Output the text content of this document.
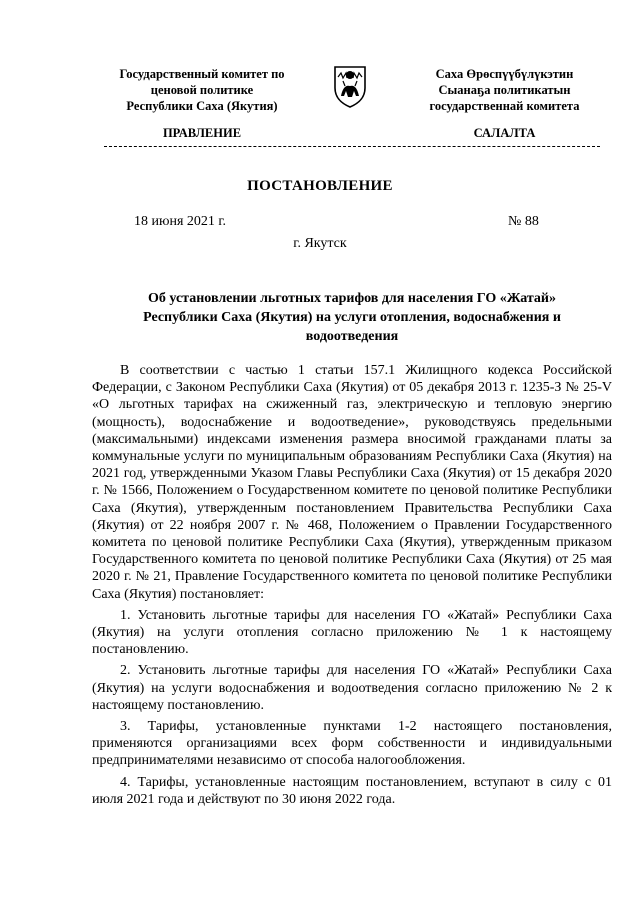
Государственный комитет по
ценовой политике
Республики Саха (Якутия)
Саха Өрөспүүбүлүкэтин
Сыанаҕа политикатын
государственнай комитета
ПРАВЛЕНИЕ	САЛАЛТА
ПОСТАНОВЛЕНИЕ
18 июня 2021 г.	№ 88
г. Якутск
Об установлении льготных тарифов для населения ГО «Жатай»
Республики Саха (Якутия) на услуги отопления, водоснабжения и
водоотведения

В соответствии с частью 1 статьи 157.1 Жилищного кодекса Российской Федерации, с Законом Республики Саха (Якутия) от 05 декабря 2013 г. 1235-З № 25-V «О льготных тарифах на сжиженный газ, электрическую и тепловую энергию (мощность), водоснабжение и водоотведение», руководствуясь предельными (максимальными) индексами изменения размера вносимой гражданами платы за коммунальные услуги по муниципальным образованиям Республики Саха (Якутия) на 2021 год, утвержденными Указом Главы Республики Саха (Якутия) от 15 декабря 2020 г. № 1566, Положением о Государственном комитете по ценовой политике Республики Саха (Якутия), утвержденным постановлением Правительства Республики Саха (Якутия) от 22 ноября 2007 г. № 468, Положением о Правлении Государственного комитета по ценовой политике Республики Саха (Якутия), утвержденным приказом Государственного комитета по ценовой политике Республики Саха (Якутия) от 25 мая 2020 г. № 21, Правление Государственного комитета по ценовой политике Республики Саха (Якутия) постановляет:

1. Установить льготные тарифы для населения ГО «Жатай» Республики Саха (Якутия) на услуги отопления согласно приложению № 1 к настоящему постановлению.

2. Установить льготные тарифы для населения ГО «Жатай» Республики Саха (Якутия) на услуги водоснабжения и водоотведения согласно приложению № 2 к настоящему постановлению.

3. Тарифы, установленные пунктами 1-2 настоящего постановления, применяются организациями всех форм собственности и индивидуальными предпринимателями независимо от способа налогообложения.

4. Тарифы, установленные настоящим постановлением, вступают в силу с 01 июля 2021 года и действуют по 30 июня 2022 года.
